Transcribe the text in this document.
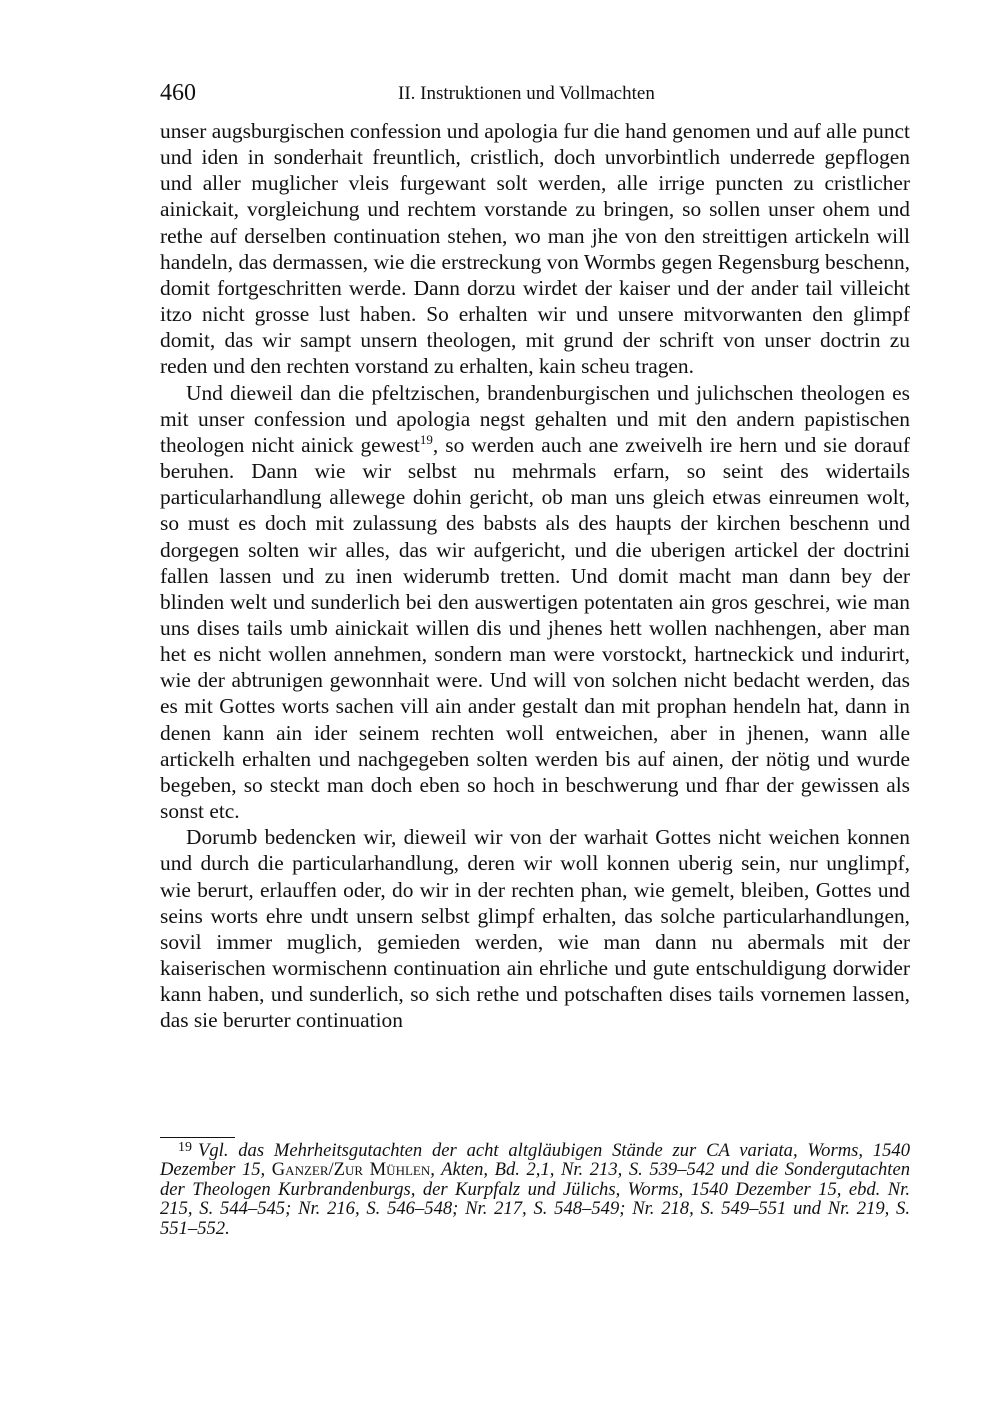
460	II. Instruktionen und Vollmachten

unser augsburgischen confession und apologia fur die hand genomen und auf alle punct und iden in sonderhait freuntlich, cristlich, doch unvorbintlich underrede gepflogen und aller muglicher vleis furgewant solt werden, alle irrige puncten zu cristlicher ainickait, vorgleichung und rechtem vorstande zu bringen, so sollen unser ohem und rethe auf derselben continuation stehen, wo man jhe von den streittigen artickeln will handeln, das dermassen, wie die erstreckung von Wormbs gegen Regensburg beschenn, domit fortgeschritten werde. Dann dorzu wirdet der kaiser und der ander tail villeicht itzo nicht grosse lust haben. So erhalten wir und unsere mitvorwanten den glimpf domit, das wir sampt unsern theologen, mit grund der schrift von unser doctrin zu reden und den rechten vorstand zu erhalten, kain scheu tragen.

Und dieweil dan die pfeltzischen, brandenburgischen und julichschen theologen es mit unser confession und apologia negst gehalten und mit den andern papistischen theologen nicht ainick gewest$^{19}$, so werden auch ane zweivelh ire hern und sie dorauf beruhen. Dann wie wir selbst nu mehrmals erfarn, so seint des widertails particularhandlung allewege dohin gericht, ob man uns gleich etwas einreumen wolt, so must es doch mit zulassung des babsts als des haupts der kirchen beschenn und dorgegen solten wir alles, das wir aufgericht, und die uberigen artickel der doctrini fallen lassen und zu inen widerumb tretten. Und domit macht man dann bey der blinden welt und sunderlich bei den auswertigen potentaten ain gros geschrei, wie man uns dises tails umb ainickait willen dis und jhenes hett wollen nachhengen, aber man het es nicht wollen annehmen, sondern man were vorstockt, hartneckick und indurirt, wie der abtrunigen gewonnhait were. Und will von solchen nicht bedacht werden, das es mit Gottes worts sachen vill ain ander gestalt dan mit prophan hendeln hat, dann in denen kann ain ider seinem rechten woll entweichen, aber in jhenen, wann alle artickelh erhalten und nachgegeben solten werden bis auf ainen, der nötig und wurde begeben, so steckt man doch eben so hoch in beschwerung und fhar der gewissen als sonst etc.

Dorumb bedencken wir, dieweil wir von der warhait Gottes nicht weichen konnen und durch die particularhandlung, deren wir woll konnen uberig sein, nur unglimpf, wie berurt, erlauffen oder, do wir in der rechten phan, wie gemelt, bleiben, Gottes und seins worts ehre undt unsern selbst glimpf erhalten, das solche particularhandlungen, sovil immer muglich, gemieden werden, wie man dann nu abermals mit der kaiserischen wormischenn continuation ain ehrliche und gute entschuldigung dorwider kann haben, und sunderlich, so sich rethe und potschaften dises tails vornemen lassen, das sie berurter continuation

$^{19}$ Vgl. das Mehrheitsgutachten der acht altgläubigen Stände zur CA variata, Worms, 1540 Dezember 15, Ganzer/Zur Mühlen, Akten, Bd. 2,1, Nr. 213, S. 539–542 und die Sondergutachten der Theologen Kurbrandenburgs, der Kurpfalz und Jülichs, Worms, 1540 Dezember 15, ebd. Nr. 215, S. 544–545; Nr. 216, S. 546–548; Nr. 217, S. 548–549; Nr. 218, S. 549–551 und Nr. 219, S. 551–552.
